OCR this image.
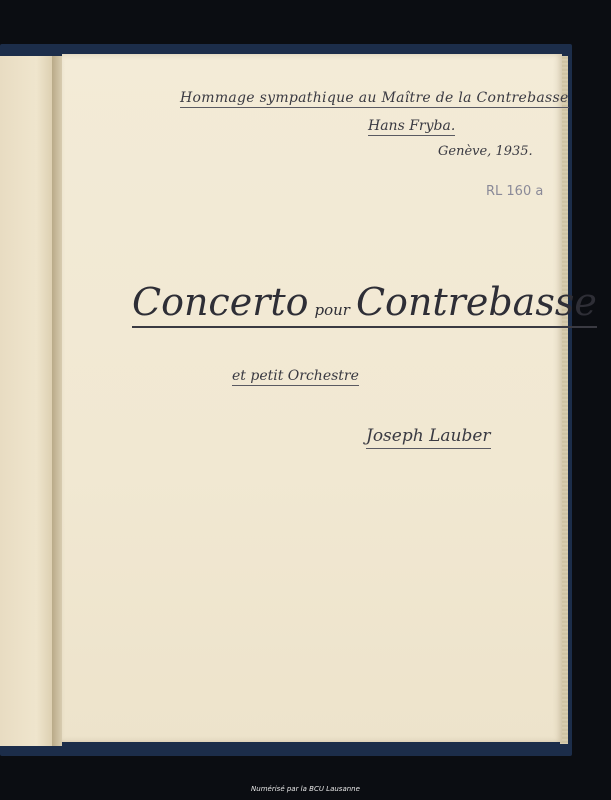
Hommage sympathique au Maître de la Contrebasse
Hans Fryba.
Genève, 1935.
RL 160 a
Concerto pour Contrebasse
et petit Orchestre
Joseph Lauber
Numérisé par la BCU Lausanne
